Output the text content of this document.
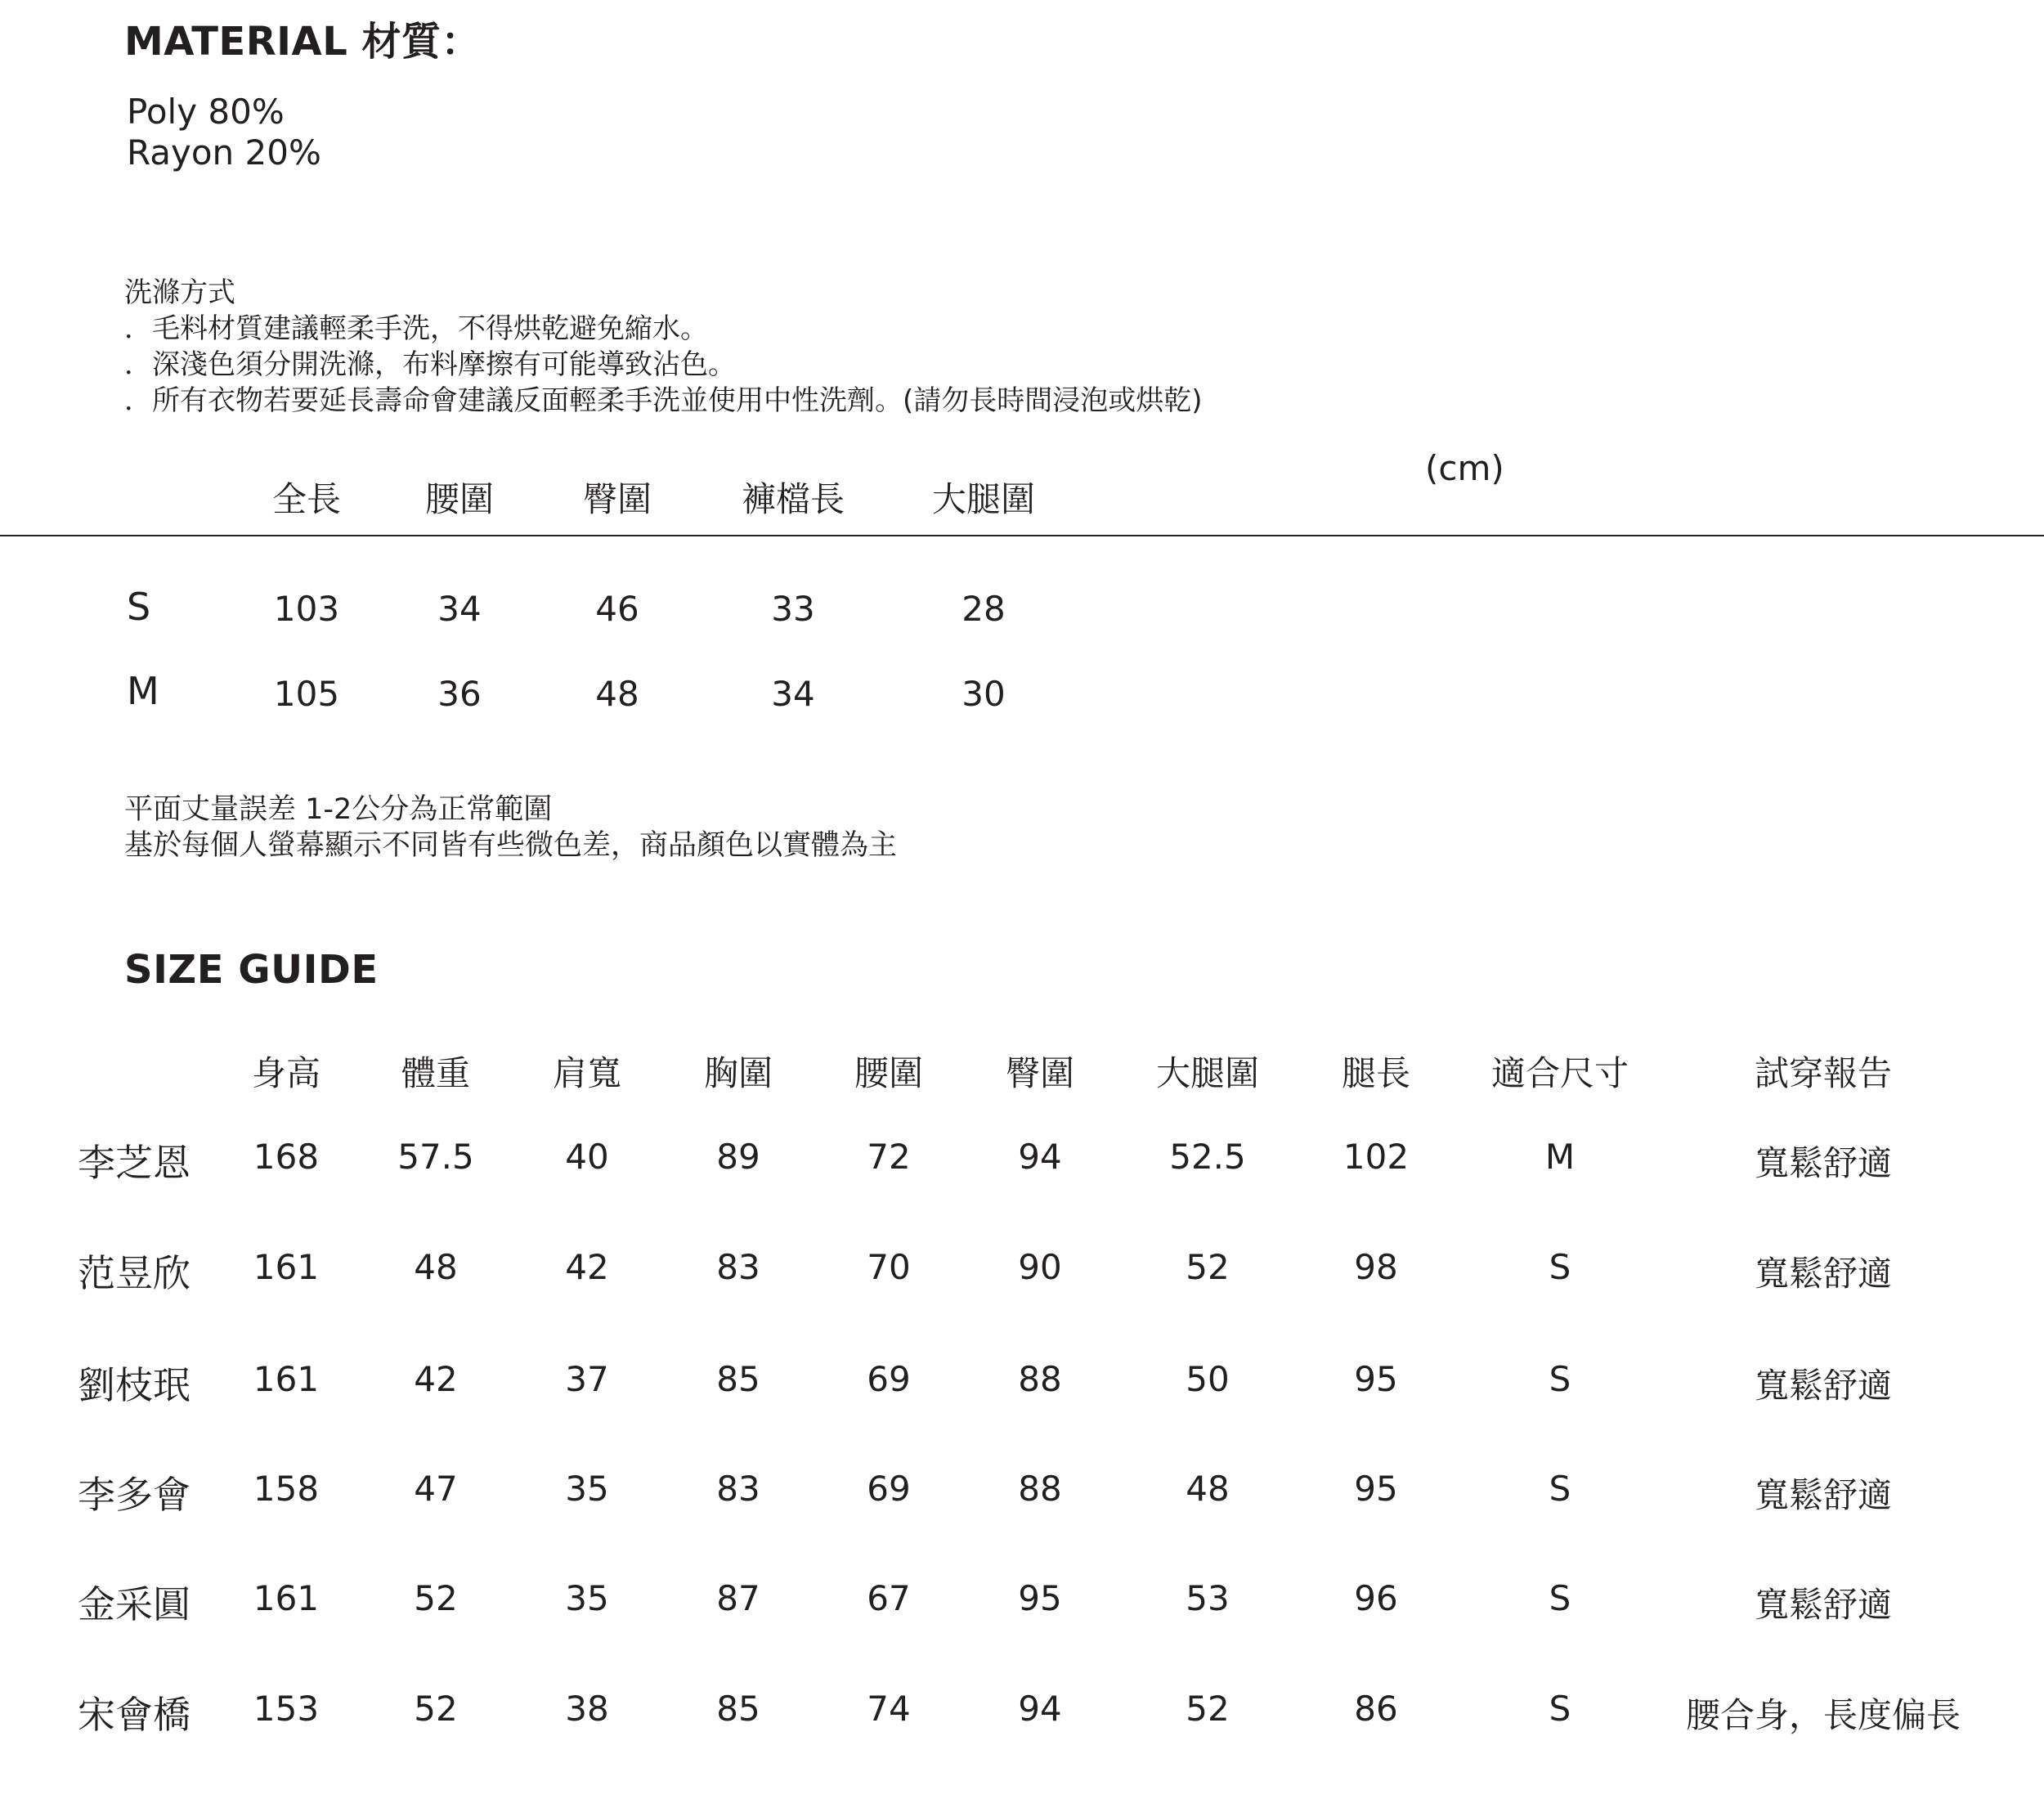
MATERIAL 材質：
Poly 80%
Rayon 20%
洗滌方式
．毛料材質建議輕柔手洗，不得烘乾避免縮水。
．深淺色須分開洗滌，布料摩擦有可能導致沾色。
．所有衣物若要延長壽命會建議反面輕柔手洗並使用中性洗劑。(請勿長時間浸泡或烘乾)
全長 腰圍	臀圍	褲檔長	大腿圍
(cm)
S	103	34	46	33	28
M	105	36	48	34	30
平面丈量誤差 1-2公分為正常範圍
基於每個人螢幕顯示不同皆有些微色差，商品顏色以實體為主
SIZE GUIDE
身高 體重 肩寬 胸圍 腰圍 臀圍 大腿圍 腿長 適合尺寸	試穿報告
李芝恩 168 57.5	40	89	72	94	52.5	102	M	寬鬆舒適
范昱欣 161	48	42	83	70	90	52	98	S	寬鬆舒適
劉枝珉 161	42	37	85	69	88	50	95	S	寬鬆舒適
李多會 158	47	35	83	69	88	48	95	S	寬鬆舒適
金采圓 161	52	35	87	67	95	53	96	S	寬鬆舒適
宋會橋 153	52	38	85	74	94	52	86	S	腰合身，長度偏長
